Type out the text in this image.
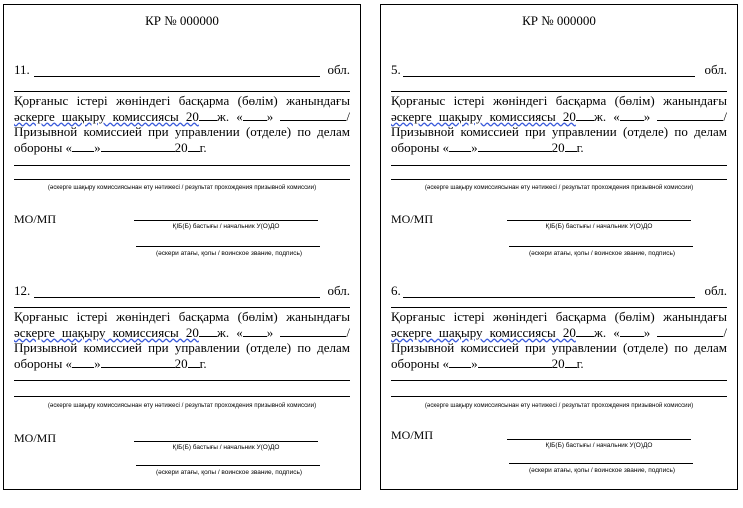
КР № 000000
11.	обл.
Қорғаныс істері жөніндегі басқарма (бөлім) жанындағы
әскерге шақыру комиссиясы 20 ж. « »	/
Призывной комиссией при управлении (отделе) по делам
обороны « »	20 г.
(әскерге шақыру комиссиясынан өту нәтижесі / результат прохождения призывной комиссии)
МО/МП
ҚІБ(Б) бастығы / начальник У(О)ДО
(әскери атағы, қолы / воинское звание, подпись)
12.	обл.
Қорғаныс істері жөніндегі басқарма (бөлім) жанындағы
әскерге шақыру комиссиясы 20 ж. « »	/
Призывной комиссией при управлении (отделе) по делам
обороны « »	20 г.
(әскерге шақыру комиссиясынан өту нәтижесі / результат прохождения призывной комиссии)
МО/МП
ҚІБ(Б) бастығы / начальник У(О)ДО
(әскери атағы, қолы / воинское звание, подпись)
КР № 000000
5.	обл.
Қорғаныс істері жөніндегі басқарма (бөлім) жанындағы
әскерге шақыру комиссиясы 20 ж. « »	/
Призывной комиссией при управлении (отделе) по делам
обороны « »	20 г.
(әскерге шақыру комиссиясынан өту нәтижесі / результат прохождения призывной комиссии)
МО/МП
ҚІБ(Б) бастығы / начальник У(О)ДО
(әскери атағы, қолы / воинское звание, подпись)
6.	обл.
Қорғаныс істері жөніндегі басқарма (бөлім) жанындағы
әскерге шақыру комиссиясы 20 ж. « »	/
Призывной комиссией при управлении (отделе) по делам
обороны « »	20 г.
(әскерге шақыру комиссиясынан өту нәтижесі / результат прохождения призывной комиссии)
МО/МП
ҚІБ(Б) бастығы / начальник У(О)ДО
(әскери атағы, қолы / воинское звание, подпись)
